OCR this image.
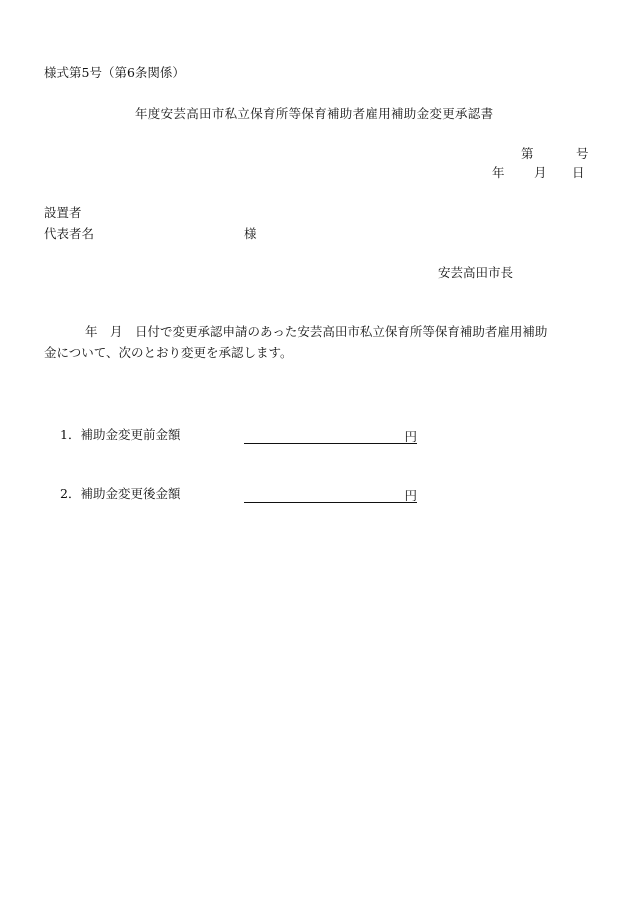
様式第5号（第6条関係）
年度安芸高田市私立保育所等保育補助者雇用補助金変更承認書
第	号
年 月 日
設置者
代表者名	様
安芸高田市長
年　月　日付で変更承認申請のあった安芸高田市私立保育所等保育補助者雇用補助
金について、次のとおり変更を承認します。
1．補助金変更前金額	円
2．補助金変更後金額	円
